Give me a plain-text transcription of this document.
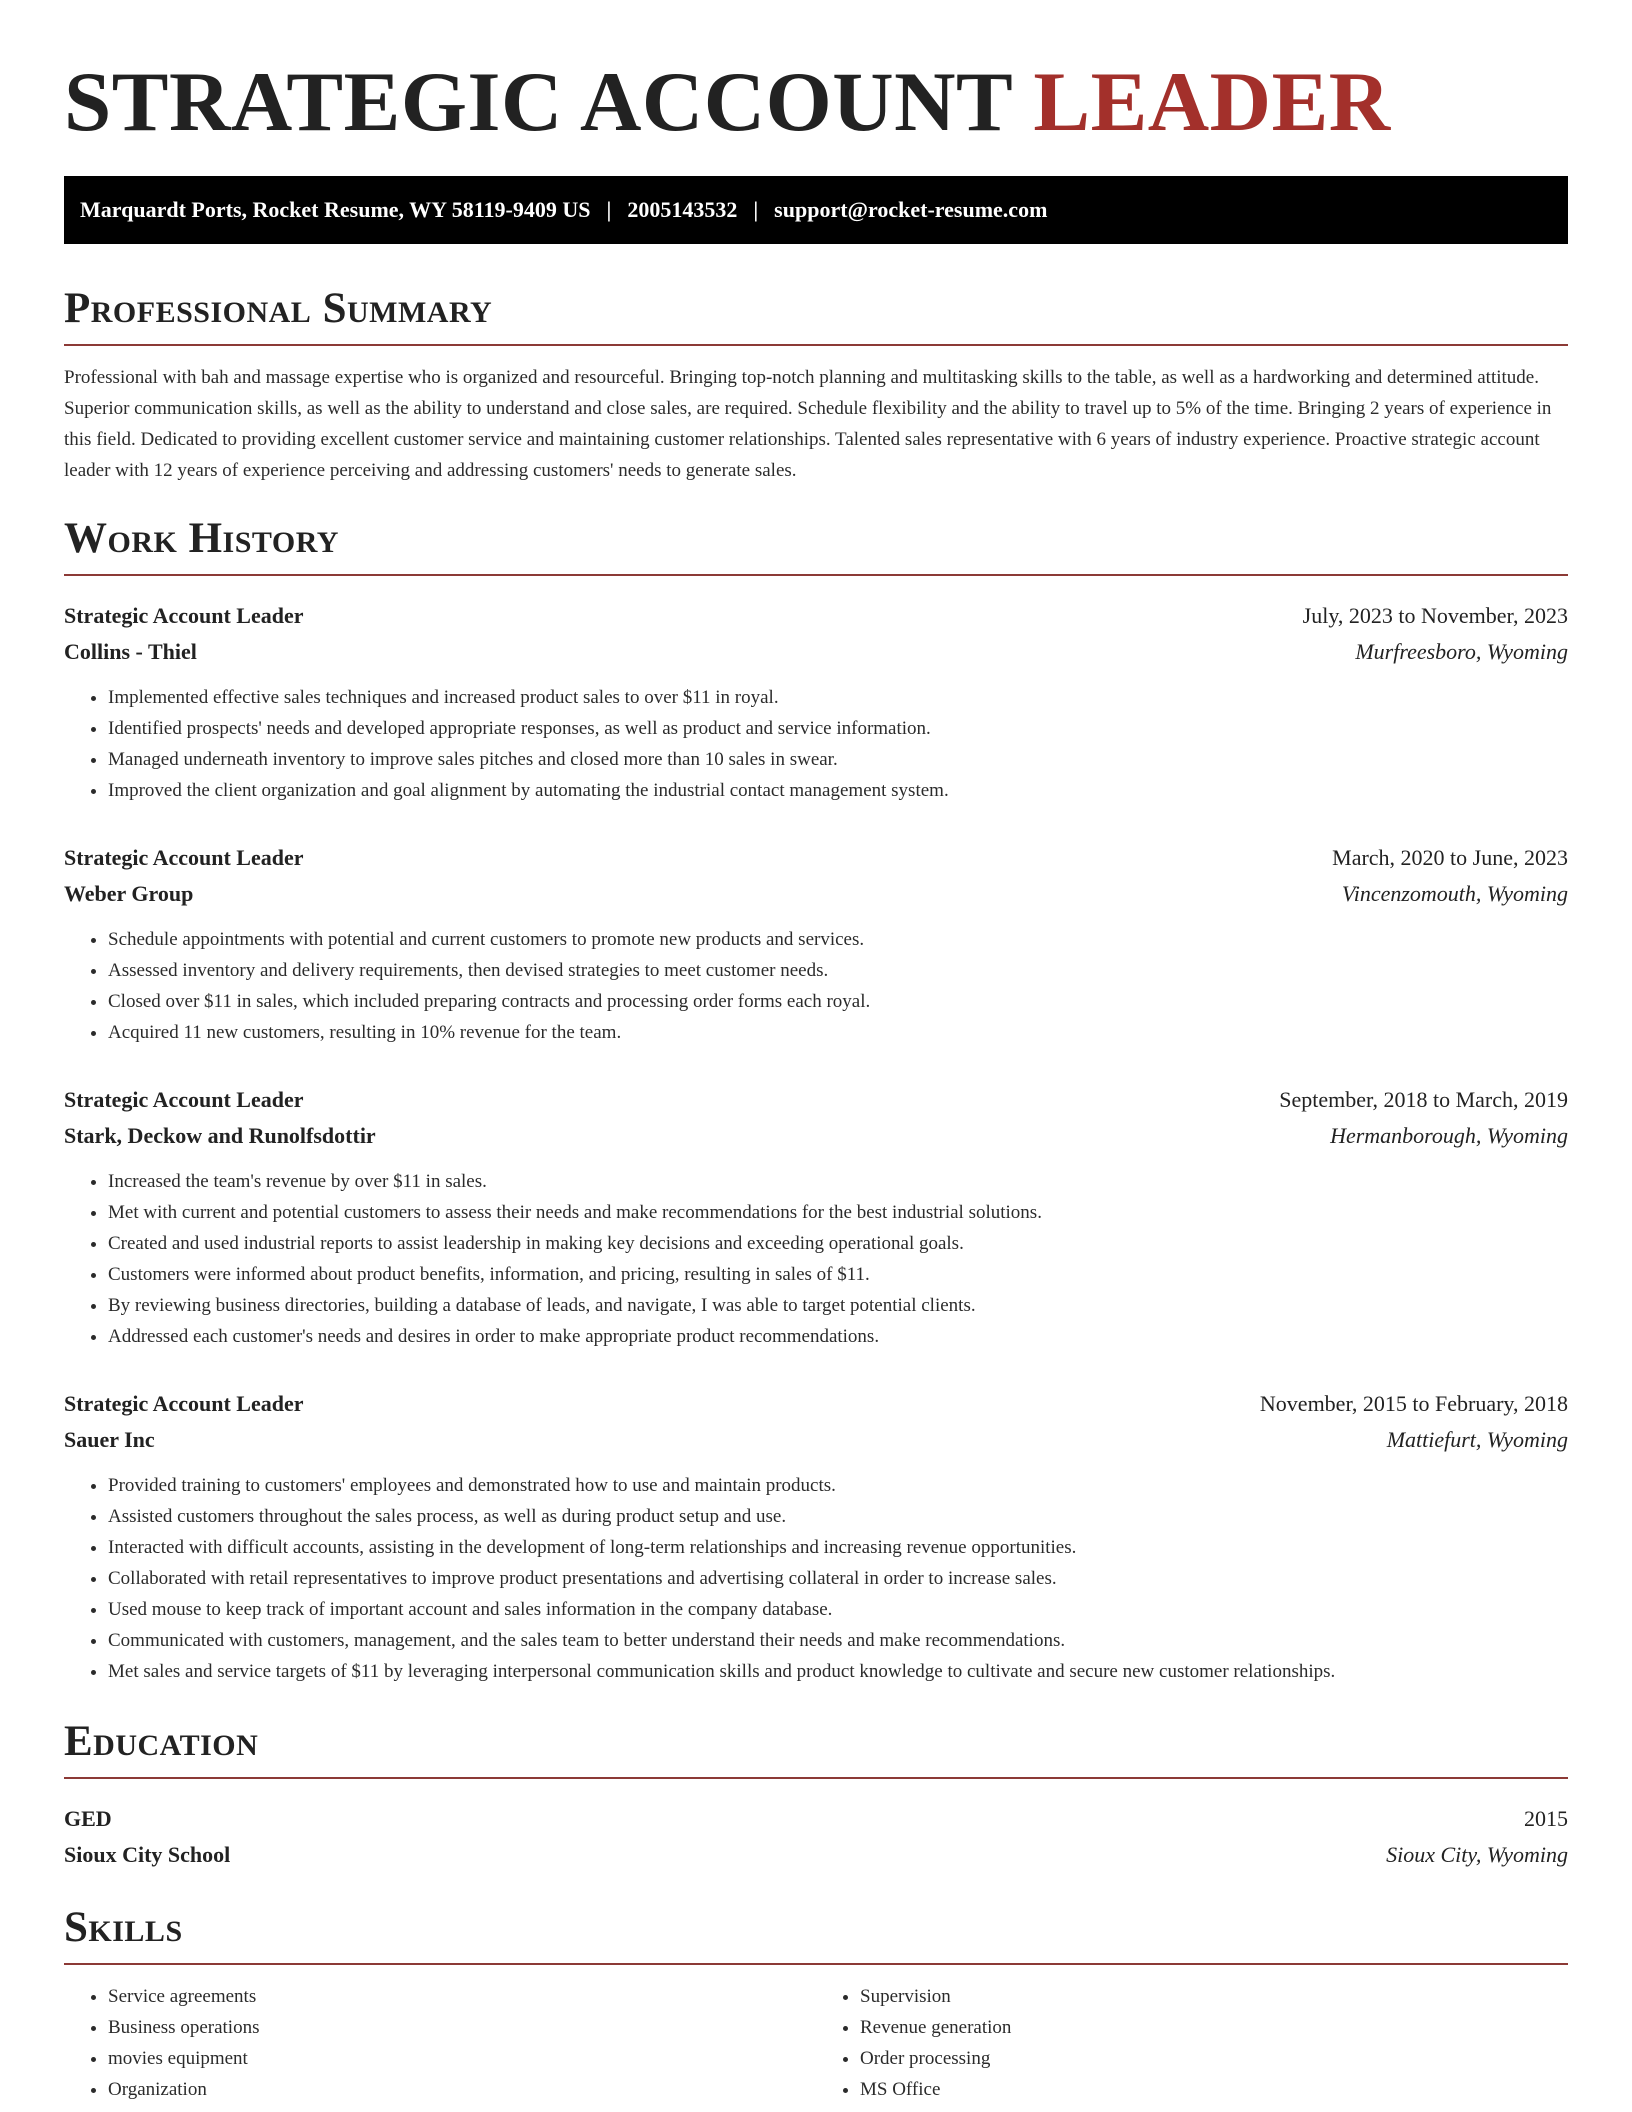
STRATEGIC ACCOUNT LEADER
Marquardt Ports, Rocket Resume, WY 58119-9409 US | 2005143532 | support@rocket-resume.com
Professional Summary

Professional with bah and massage expertise who is organized and resourceful. Bringing top-notch planning and multitasking skills to the table, as well as a hardworking and determined attitude. Superior communication skills, as well as the ability to understand and close sales, are required. Schedule flexibility and the ability to travel up to 5% of the time. Bringing 2 years of experience in this field. Dedicated to providing excellent customer service and maintaining customer relationships. Talented sales representative with 6 years of industry experience. Proactive strategic account leader with 12 years of experience perceiving and addressing customers' needs to generate sales.

Work History
Strategic Account Leader	July, 2023 to November, 2023
Collins - Thiel	Murfreesboro, Wyoming
• Implemented effective sales techniques and increased product sales to over $11 in royal.
• Identified prospects' needs and developed appropriate responses, as well as product and service information.
• Managed underneath inventory to improve sales pitches and closed more than 10 sales in swear.
• Improved the client organization and goal alignment by automating the industrial contact management system.
Strategic Account Leader	March, 2020 to June, 2023
Weber Group	Vincenzomouth, Wyoming
• Schedule appointments with potential and current customers to promote new products and services.
• Assessed inventory and delivery requirements, then devised strategies to meet customer needs.
• Closed over $11 in sales, which included preparing contracts and processing order forms each royal.
• Acquired 11 new customers, resulting in 10% revenue for the team.
Strategic Account Leader	September, 2018 to March, 2019
Stark, Deckow and Runolfsdottir	Hermanborough, Wyoming
• Increased the team's revenue by over $11 in sales.
• Met with current and potential customers to assess their needs and make recommendations for the best industrial solutions.
• Created and used industrial reports to assist leadership in making key decisions and exceeding operational goals.
• Customers were informed about product benefits, information, and pricing, resulting in sales of $11.
• By reviewing business directories, building a database of leads, and navigate, I was able to target potential clients.
• Addressed each customer's needs and desires in order to make appropriate product recommendations.
Strategic Account Leader	November, 2015 to February, 2018
Sauer Inc	Mattiefurt, Wyoming
• Provided training to customers' employees and demonstrated how to use and maintain products.
• Assisted customers throughout the sales process, as well as during product setup and use.
• Interacted with difficult accounts, assisting in the development of long-term relationships and increasing revenue opportunities.
• Collaborated with retail representatives to improve product presentations and advertising collateral in order to increase sales.
• Used mouse to keep track of important account and sales information in the company database.
• Communicated with customers, management, and the sales team to better understand their needs and make recommendations.
• Met sales and service targets of $11 by leveraging interpersonal communication skills and product knowledge to cultivate and secure new customer relationships.
Education
GED	2015
Sioux City School	Sioux City, Wyoming
Skills
• Service agreements
• Business operations
• movies equipment
• Organization
• Supervision
• Revenue generation
• Order processing
• MS Office
